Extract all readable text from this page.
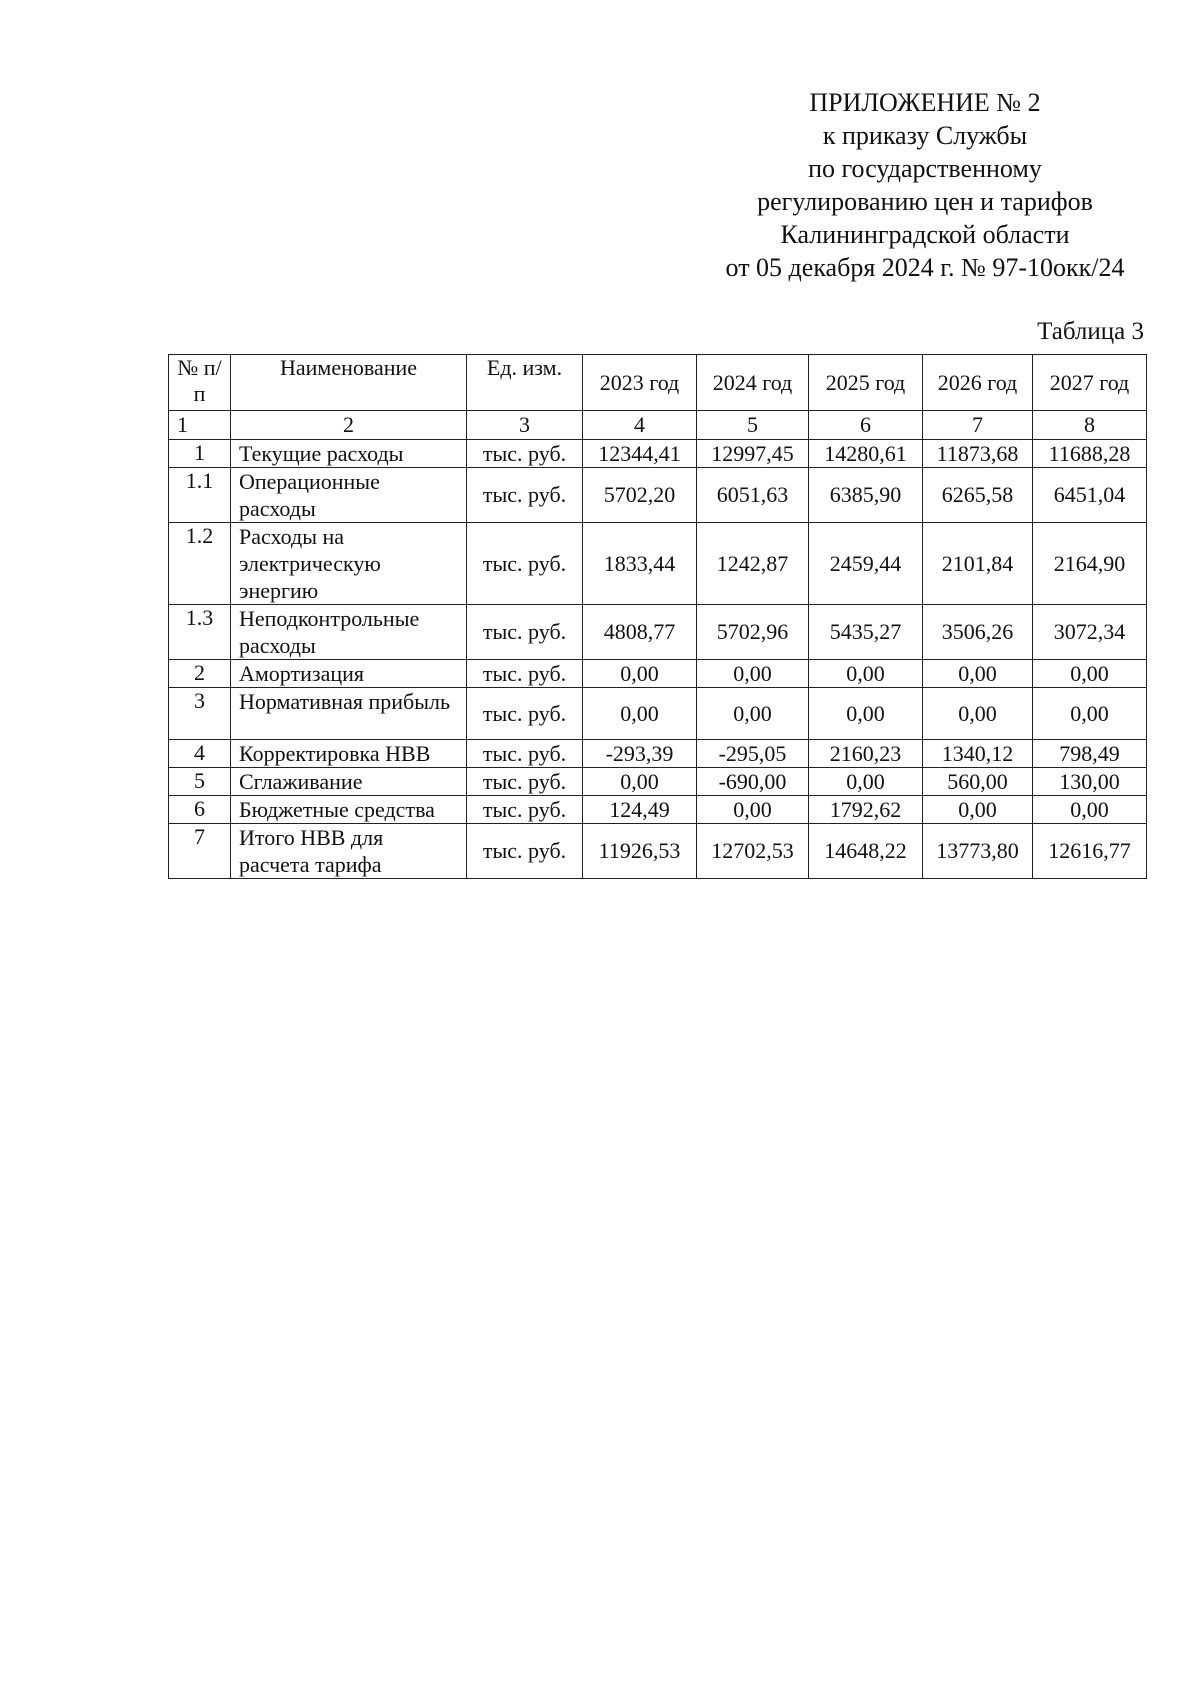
ПРИЛОЖЕНИЕ № 2
к приказу Службы
по государственному
регулированию цен и тарифов
Калининградской области
от 05 декабря 2024 г. № 97-10окк/24
Таблица 3
№ п/п	Наименование	Ед. изм.	2023 год	2024 год	2025 год	2026 год	2027 год
1	2	3	4	5	6	7	8
1	Текущие расходы	тыс. руб.	12344,41	12997,45	14280,61	11873,68	11688,28
1.1	Операционные расходы	тыс. руб.	5702,20	6051,63	6385,90	6265,58	6451,04
1.2	Расходы на электрическую энергию	тыс. руб.	1833,44	1242,87	2459,44	2101,84	2164,90
1.3	Неподконтрольные расходы	тыс. руб.	4808,77	5702,96	5435,27	3506,26	3072,34
2	Амортизация	тыс. руб.	0,00	0,00	0,00	0,00	0,00
3	Нормативная прибыль	тыс. руб.	0,00	0,00	0,00	0,00	0,00
4	Корректировка НВВ	тыс. руб.	-293,39	-295,05	2160,23	1340,12	798,49
5	Сглаживание	тыс. руб.	0,00	-690,00	0,00	560,00	130,00
6	Бюджетные средства	тыс. руб.	124,49	0,00	1792,62	0,00	0,00
7	Итого НВВ для расчета тарифа	тыс. руб.	11926,53	12702,53	14648,22	13773,80	12616,77
